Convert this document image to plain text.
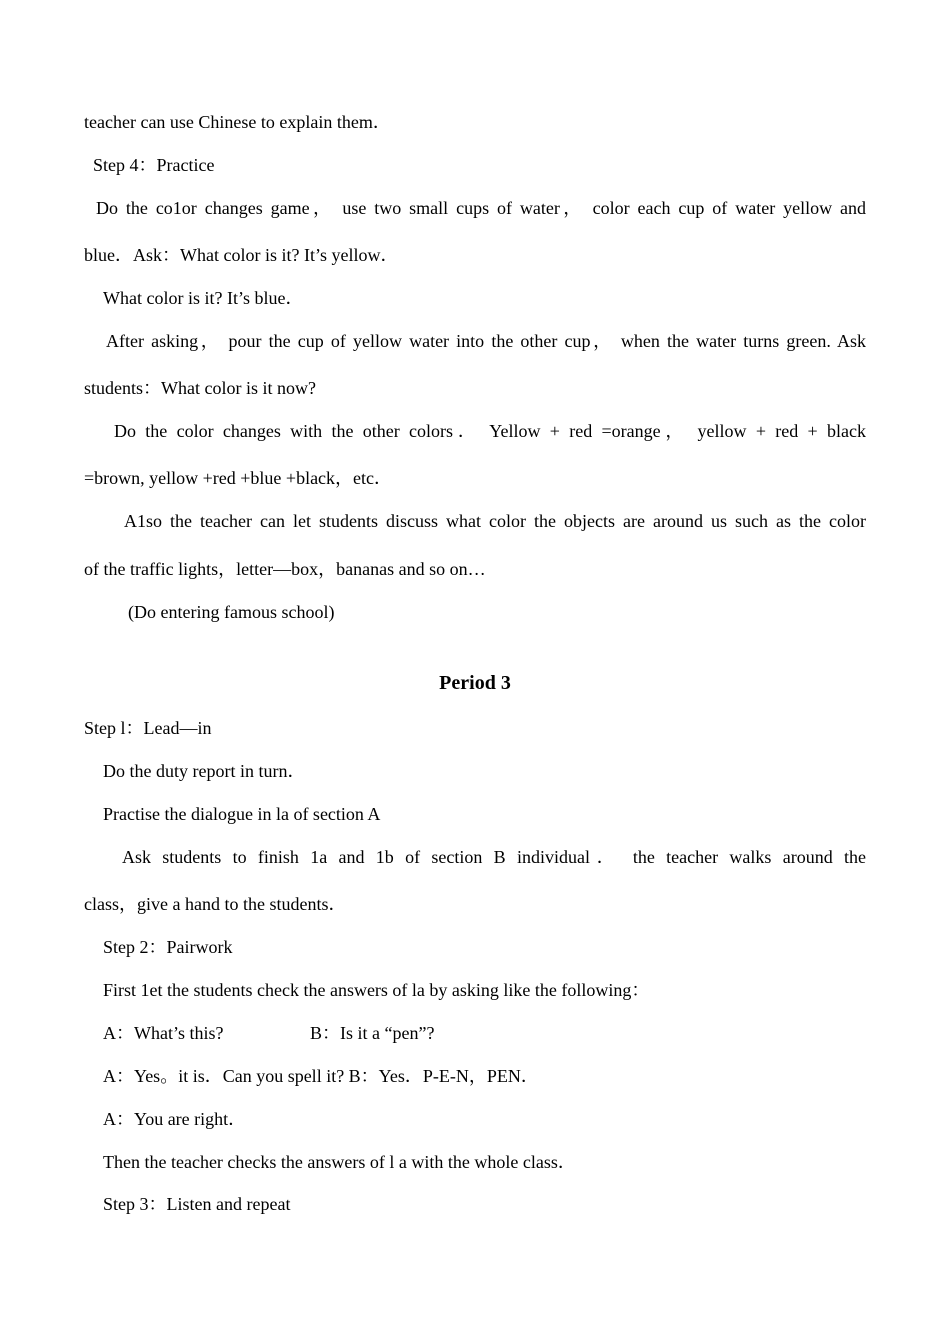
teacher can use Chinese to explain them．
Step 4：Practice
Do the co1or changes game， use two small cups of water， color each cup of water yellow and
blue．Ask：What color is it? It’s yellow．
What color is it? It’s blue．
After asking， pour the cup of yellow water into the other cup， when the water turns green. Ask
students：What color is it now?
Do the color changes with the other colors． Yellow + red =orange， yellow + red + black
=brown, yellow +red +blue +black，etc．
A1so the teacher can let students discuss what color the objects are around us such as the color
of the traffic lights，letter—box，bananas and so on…
(Do entering famous school)
Period 3
Step l：Lead—in
Do the duty report in turn．
Practise the dialogue in la of section A
Ask students to finish 1a and 1b of section B individual． the teacher walks around the
class，give a hand to the students．
Step 2：Pairwork
First 1et the students check the answers of la by asking like the following：
A：What’s this?	B：Is it a “pen”?
A：Yes。it is．Can you spell it? B：Yes．P-E-N，PEN．
A：You are right．
Then the teacher checks the answers of l a with the whole class．
Step 3：Listen and repeat
